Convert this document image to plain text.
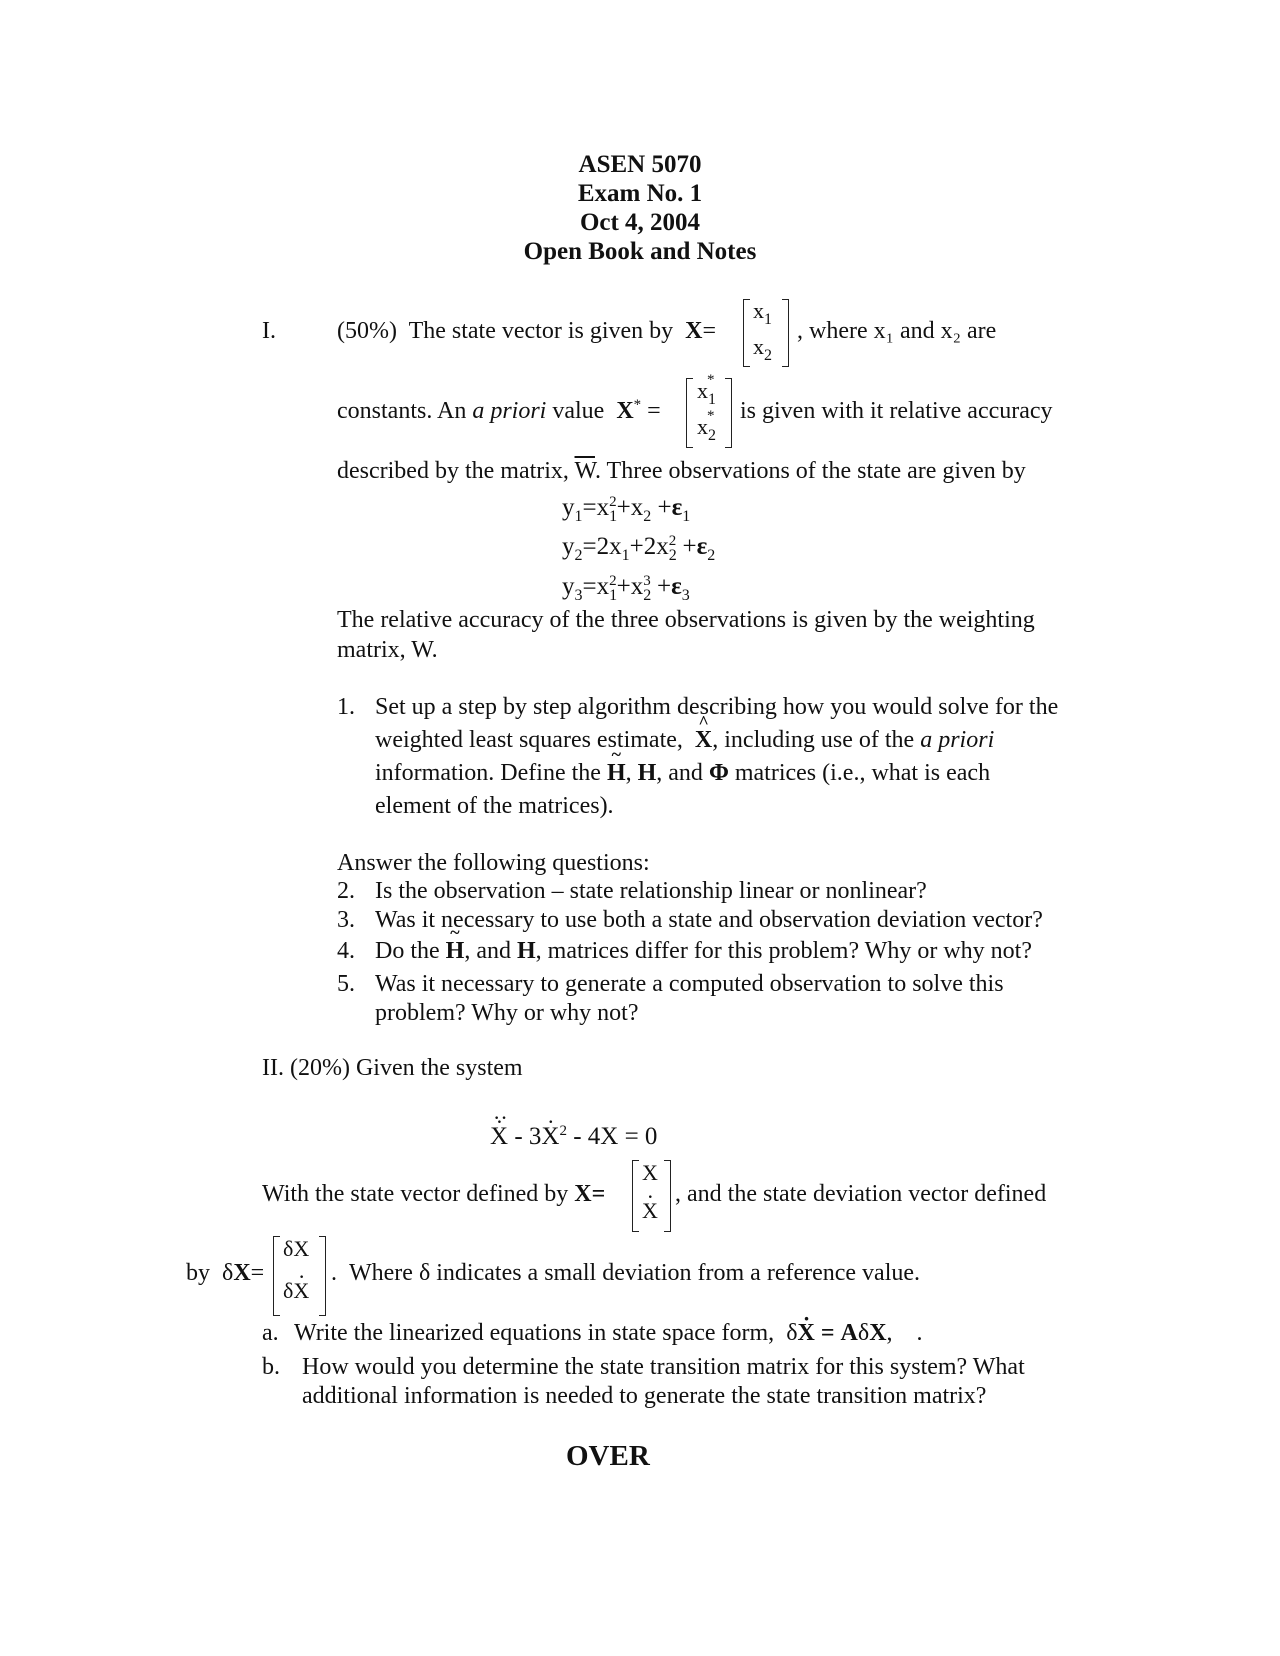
ASEN 5070
Exam No. 1
Oct 4, 2004
Open Book and Notes
I.	(50%) The state vector is given by X=
$x_1$
$x_2$
, where x₁ and x₂ are
constants. An a priori value X* =
$x_1$
*
$x_2$
* is given with it relative accuracy
described by the matrix, $\overline{W}$. Three observations of the state are given by
$y_1=x_1^2+x_2 +\varepsilon_1$
$y_2=2x_1+2x_2^2 +\varepsilon_2$
$y_3=x_1^2+x_2^3 +\varepsilon_3$
The relative accuracy of the three observations is given by the weighting
matrix, W.
1. Set up a step by step algorithm describing how you would solve for the
weighted least squares estimate, X ^, including use of the a priori
information. Define the H ~, H, and Φ matrices (i.e., what is each
element of the matrices).
Answer the following questions:
2. Is the observation – state relationship linear or nonlinear?
3. Was it necessary to use both a state and observation deviation vector?
4. Do the H ~, and H, matrices differ for this problem? Why or why not?
5. Was it necessary to generate a computed observation to solve this
problem? Why or why not?
II. (20%) Given the system
X
··
· - 3X ·$^2$ - 4X = 0
With the state vector defined by X=
X
X ·
, and the state deviation vector defined
by  δX=
δX
δX ·
. Where δ indicates a small deviation from a reference value.
a. Write the linearized equations in state space form, δX · = AδX,    .
b. How would you determine the state transition matrix for this system? What
additional information is needed to generate the state transition matrix?
OVER
